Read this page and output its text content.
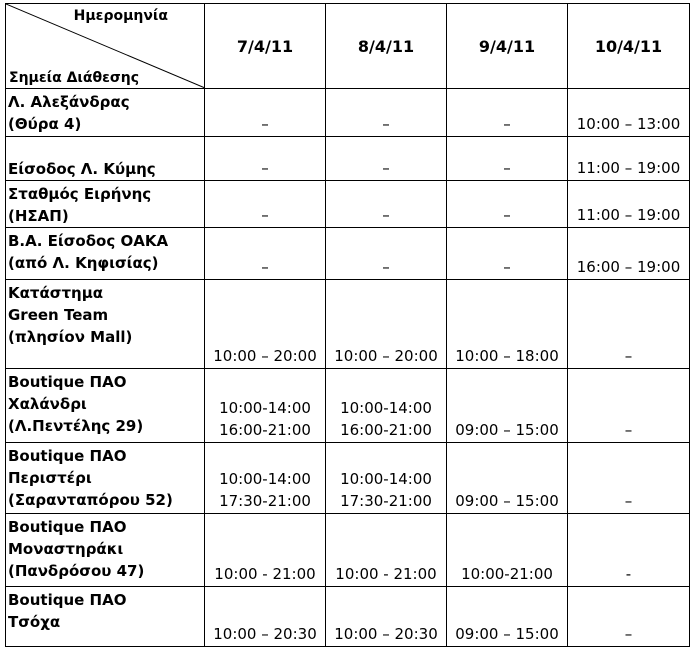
Ημερομηνία
Σημεία Διάθεσης	7/4/11	8/4/11	9/4/11	10/4/11

Λ. Αλεξάνδρας
(Θύρα 4)	–	–	–	10:00 – 13:00

Είσοδος Λ. Κύμης	–	–	–	11:00 – 19:00

Σταθμός Ειρήνης
(ΗΣΑΠ)	–	–	–	11:00 – 19:00

Β.Α. Είσοδος ΟΑΚΑ
(από Λ. Κηφισίας)	–	–	–	16:00 – 19:00

Κατάστημα
Green Team
(πλησίον Mall)	10:00 – 20:00	10:00 – 20:00	10:00 – 18:00	–

Boutique ΠΑΟ
Χαλάνδρι
(Λ.Πεντέλης 29)	10:00-14:00
16:00-21:00	10:00-14:00
16:00-21:00	09:00 – 15:00	–

Boutique ΠΑΟ
Περιστέρι
(Σαρανταπόρου 52)	10:00-14:00
17:30-21:00	10:00-14:00
17:30-21:00	09:00 – 15:00	–

Boutique ΠΑΟ
Μοναστηράκι
(Πανδρόσου 47)	10:00 - 21:00	10:00 - 21:00	10:00-21:00	-

Boutique ΠΑΟ
Τσόχα	10:00 – 20:30	10:00 – 20:30	09:00 – 15:00	–
